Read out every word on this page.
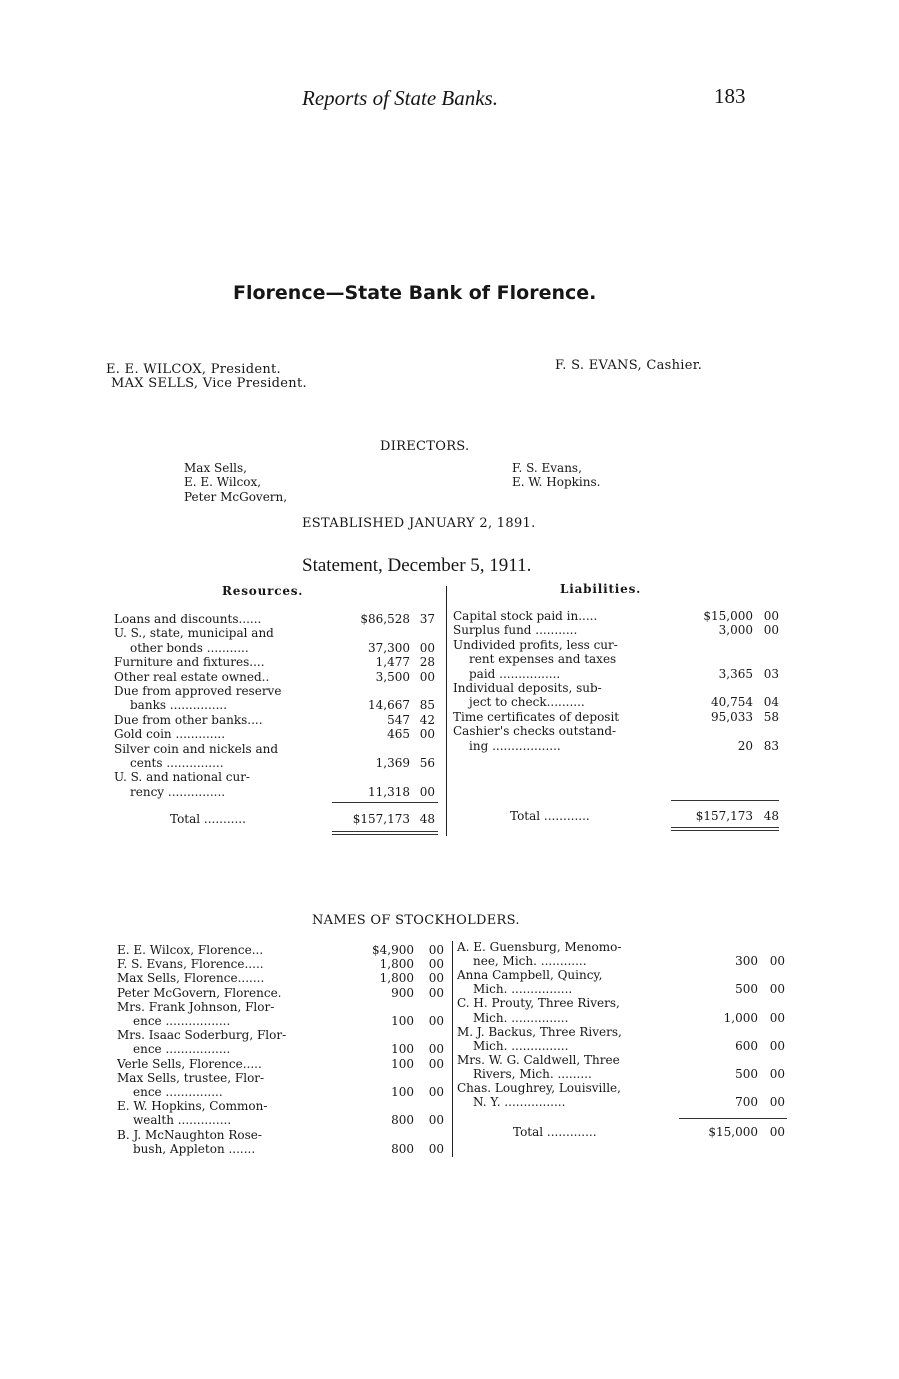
Reports of State Banks.	183
Florence—State Bank of Florence.
E. E. WILCOX, President.
MAX SELLS, Vice President.
F. S. EVANS, Cashier.
DIRECTORS.
Max Sells,
E. E. Wilcox,
Peter McGovern,
F. S. Evans,
E. W. Hopkins.
ESTABLISHED JANUARY 2, 1891.
Statement, December 5, 1911.
Resources.	Liabilities.
Loans and discounts......	$86,528 37
U. S., state, municipal and
other bonds ...........	37,300 00
Furniture and fixtures....	1,477 28
Other real estate owned..	3,500 00
Due from approved reserve
banks ...............	14,667 85
Due from other banks....	547 42
Gold coin .............	465 00
Silver coin and nickels and
cents ...............	1,369 56
U. S. and national cur-
rency ...............	11,318 00
Total ...........	$157,173 48
Capital stock paid in.....	$15,000 00
Surplus fund ...........	3,000 00
Undivided profits, less cur-
rent expenses and taxes
paid ................	3,365 03
Individual deposits, sub-
ject to check..........	40,754 04
Time certificates of deposit	95,033 58
Cashier's checks outstand-
ing ..................	20 83
Total ............	$157,173 48
NAMES OF STOCKHOLDERS.
E. E. Wilcox, Florence...	$4,900 00
F. S. Evans, Florence.....	1,800 00
Max Sells, Florence.......	1,800 00
Peter McGovern, Florence.	900 00
Mrs. Frank Johnson, Flor-
ence .................	100 00
Mrs. Isaac Soderburg, Flor-
ence .................	100 00
Verle Sells, Florence.....	100 00
Max Sells, trustee, Flor-
ence ...............	100 00
E. W. Hopkins, Common-
wealth ..............	800 00
B. J. McNaughton Rose-
bush, Appleton .......	800 00
A. E. Guensburg, Menomo-
nee, Mich. ............	300 00
Anna Campbell, Quincy,
Mich. ................	500 00
C. H. Prouty, Three Rivers,
Mich. ...............	1,000 00
M. J. Backus, Three Rivers,
Mich. ...............	600 00
Mrs. W. G. Caldwell, Three
Rivers, Mich. .........	500 00
Chas. Loughrey, Louisville,
N. Y. ................	700 00
Total .............	$15,000 00
